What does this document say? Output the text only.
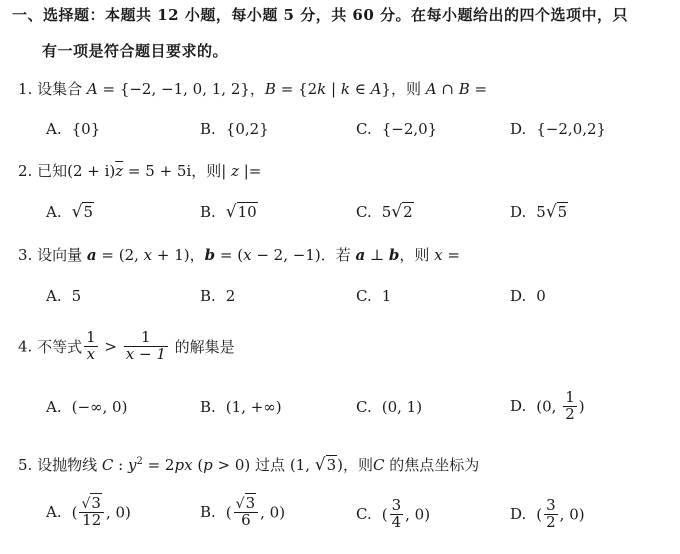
一、选择题：本题共 12 小题，每小题 5 分，共 60 分。在每小题给出的四个选项中，只
有一项是符合题目要求的。
1. 设集合 A = {−2, −1, 0, 1, 2}，B = {2k | k ∈ A}，则 A ∩ B =
A. {0}	B. {0,2}	C. {−2,0}	D. {−2,0,2}
2. 已知$(2 + i)\overline{z} = 5 + 5i$，则| z |=
A. √5	B. √10	C. 5√2	D. 5√5
3. 设向量 a = (2, x + 1)，b = (x − 2, −1)．若 a ⊥ b，则 x =
A. 5	B. 2	C. 1	D. 0
4. 不等式 $\frac{1}{x} > \frac{1}{x - 1}$ 的解集是
A. (−∞, 0)	B. (1, +∞)	C. (0, 1)	D. (0, $\frac{1}{2}$ )
5. 设抛物线 C : $y^2 = 2px$ (p > 0) 过点 (1, √3)，则C 的焦点坐标为
A. ( $\frac{√3}{12}$ , 0)	B. ( $\frac{√3}{6}$ , 0)	C. ( $\frac{3}{4}$ , 0)	D. ( $\frac{3}{2}$ , 0)
